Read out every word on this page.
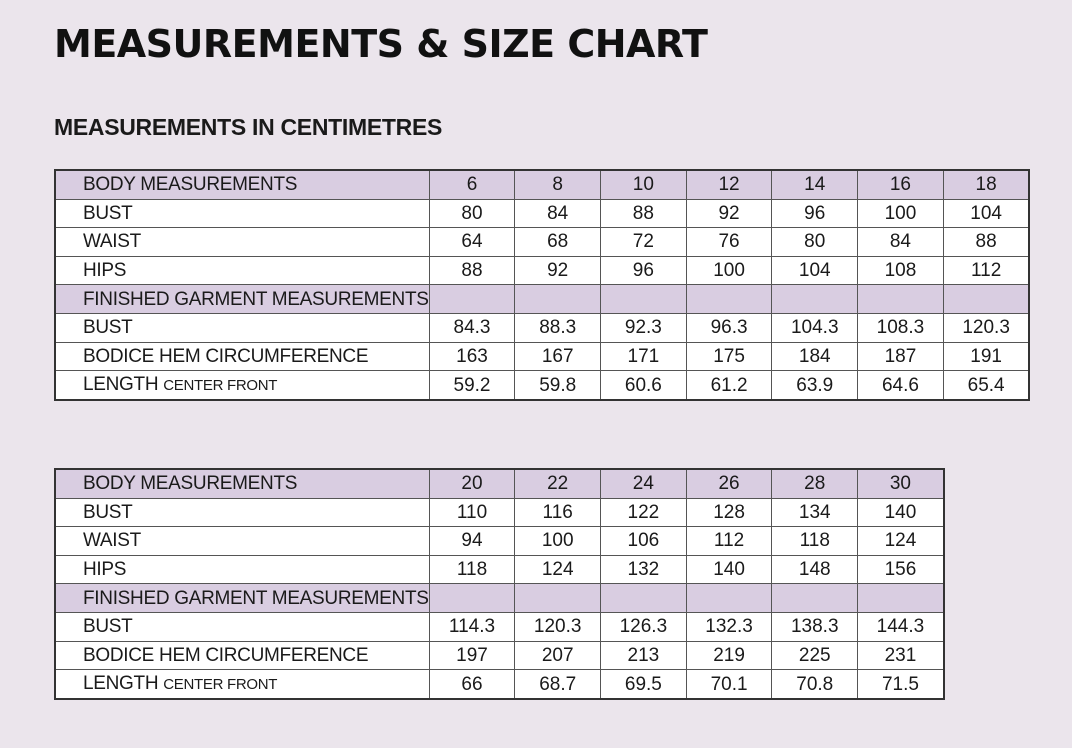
MEASUREMENTS & SIZE CHART
MEASUREMENTS IN CENTIMETRES
BODY MEASUREMENTS	6	8	10	12	14	16	18
BUST	80	84	88	92	96	100	104
WAIST	64	68	72	76	80	84	88
HIPS	88	92	96	100	104	108	112
FINISHED GARMENT MEASUREMENTS							
BUST	84.3	88.3	92.3	96.3	104.3	108.3	120.3
BODICE HEM CIRCUMFERENCE	163	167	171	175	184	187	191
LENGTH CENTER FRONT	59.2	59.8	60.6	61.2	63.9	64.6	65.4
BODY MEASUREMENTS	20	22	24	26	28	30
BUST	110	116	122	128	134	140
WAIST	94	100	106	112	118	124
HIPS	118	124	132	140	148	156
FINISHED GARMENT MEASUREMENTS						
BUST	114.3	120.3	126.3	132.3	138.3	144.3
BODICE HEM CIRCUMFERENCE	197	207	213	219	225	231
LENGTH CENTER FRONT	66	68.7	69.5	70.1	70.8	71.5
